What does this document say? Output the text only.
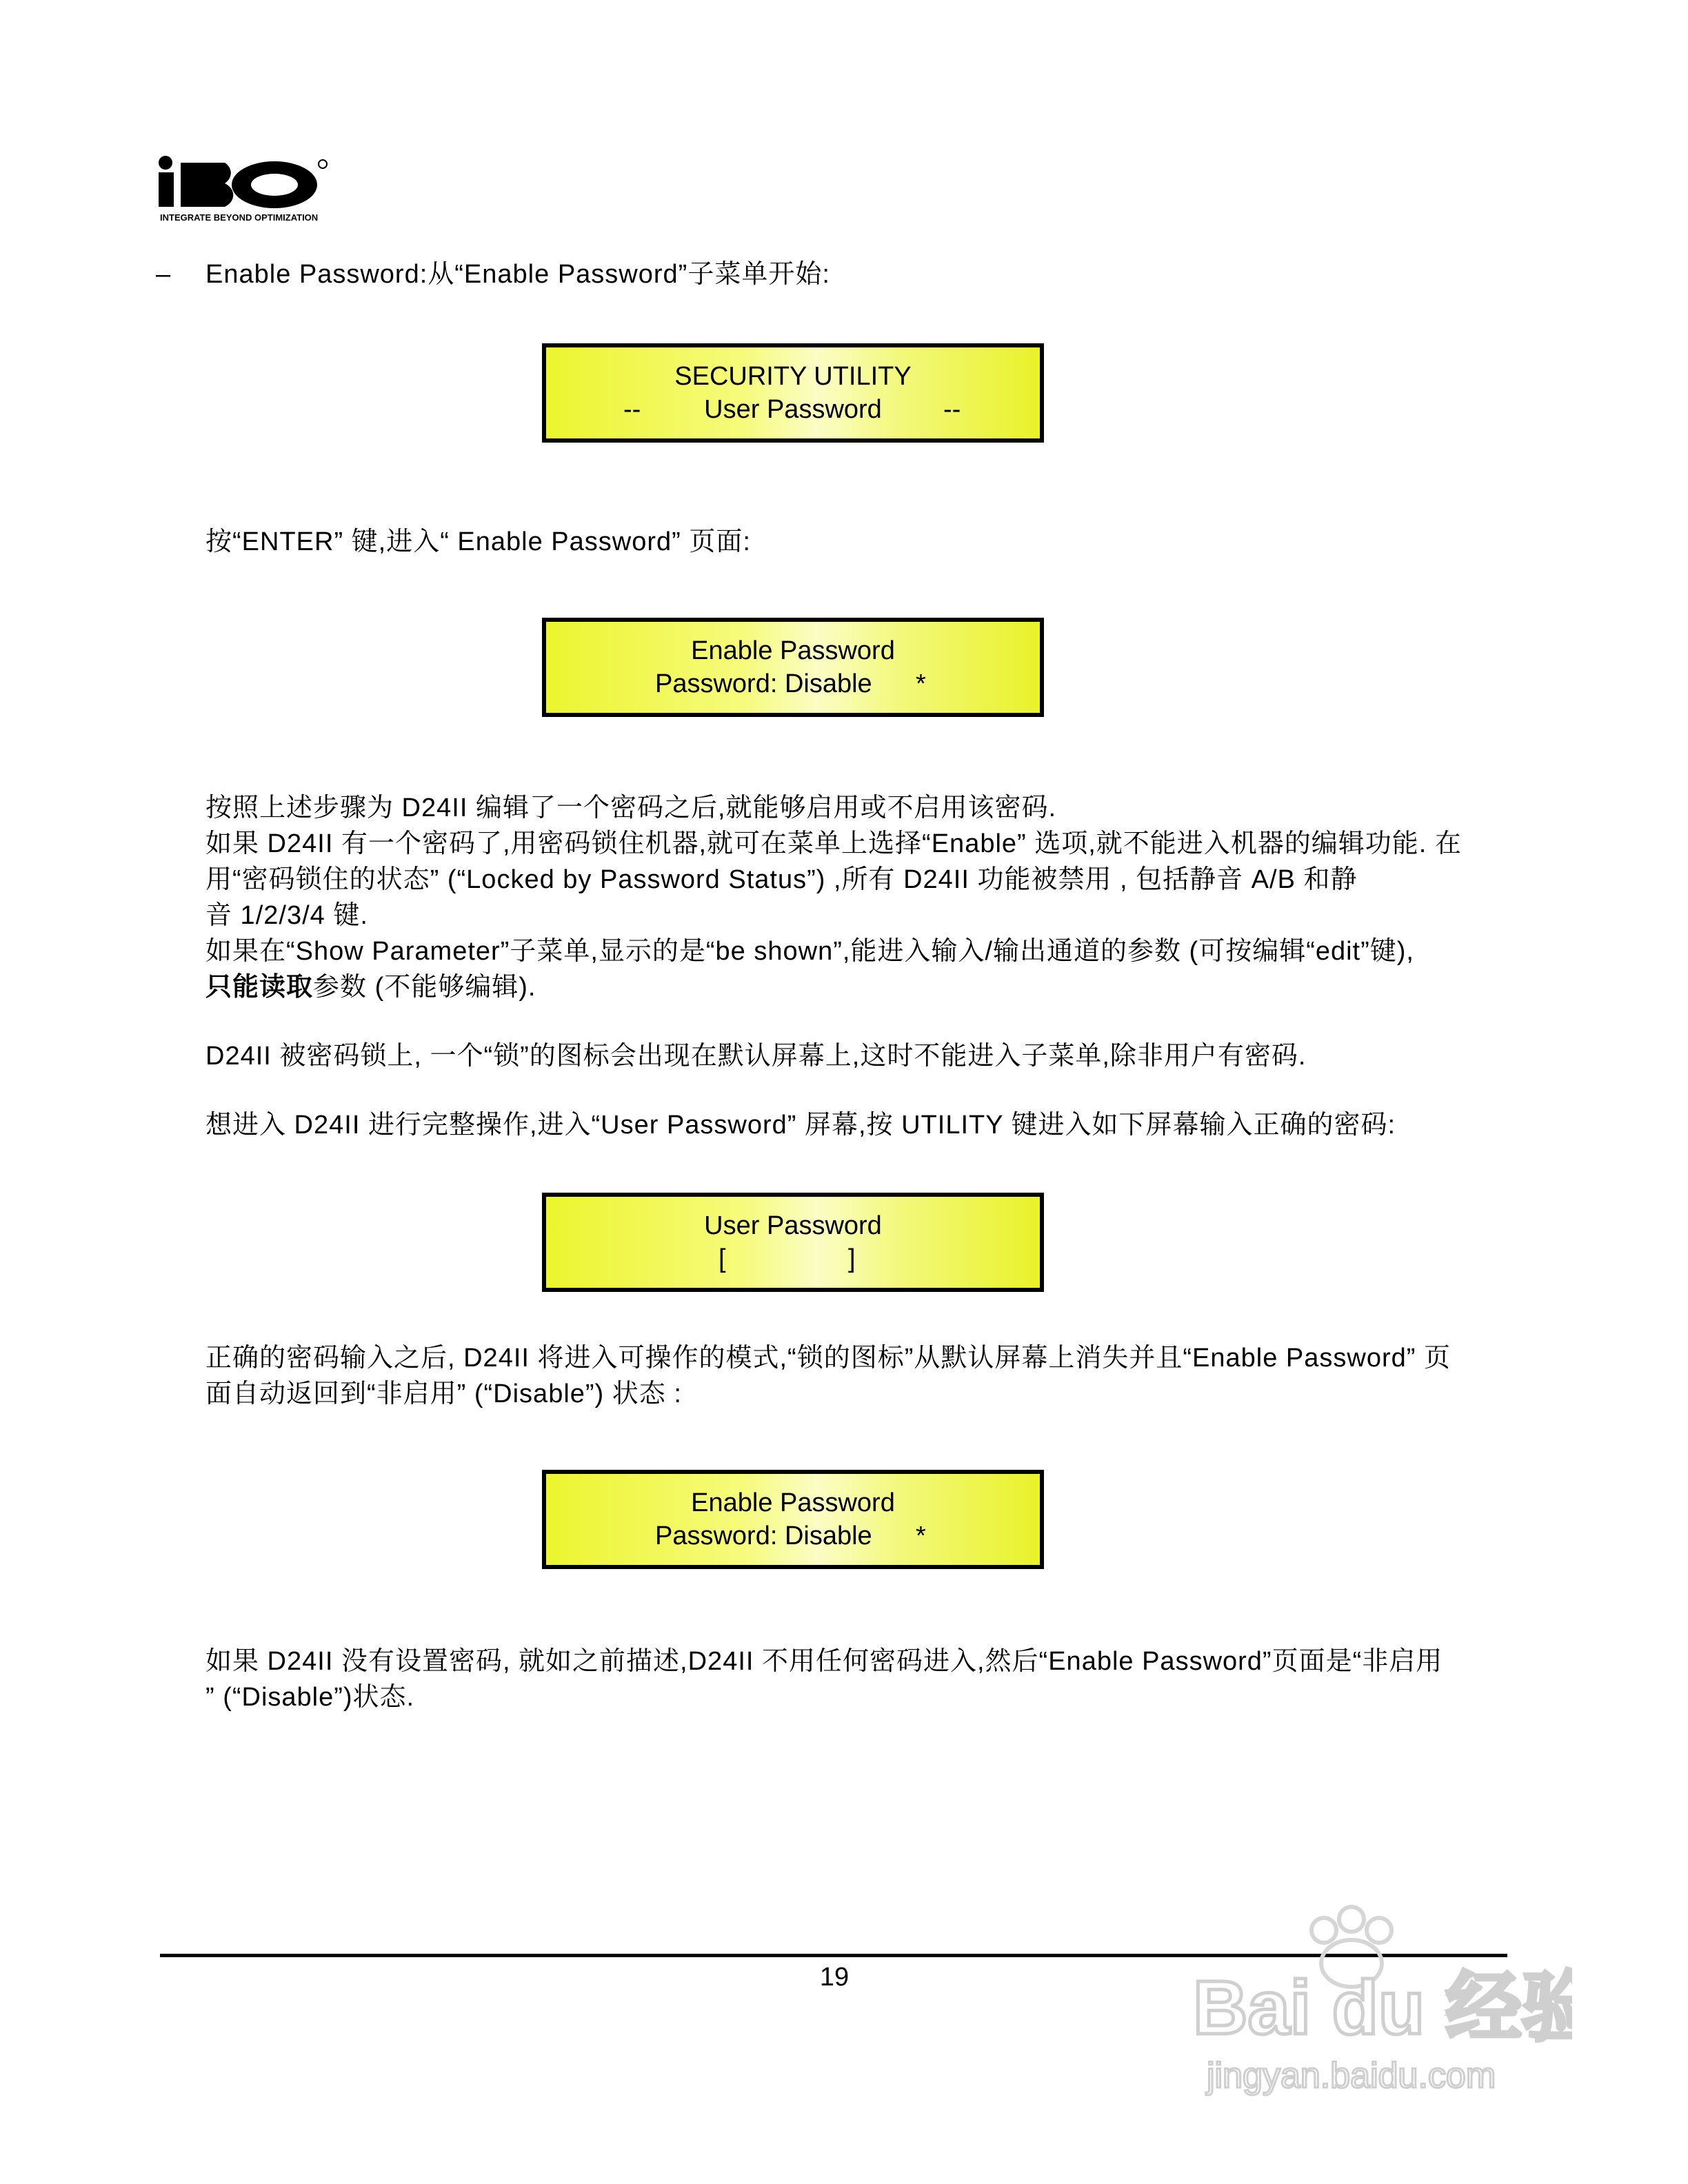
INTEGRATE BEYOND OPTIMIZATION
– Enable Password:从“Enable Password”子菜单开始:
SECURITY UTILITY
--	User Password	--
按“ENTER” 键,进入“ Enable Password” 页面:
Enable Password
Password: Disable	*
按照上述步骤为 D24II 编辑了一个密码之后,就能够启用或不启用该密码.
如果 D24II 有一个密码了,用密码锁住机器,就可在菜单上选择“Enable” 选项,就不能进入机器的编辑功能. 在
用“密码锁住的状态” (“Locked by Password Status”) ,所有 D24II 功能被禁用 , 包括静音 A/B 和静
音 1/2/3/4 键.
如果在“Show Parameter”子菜单,显示的是“be shown”,能进入输入/输出通道的参数 (可按编辑“edit”键),
只能读取参数 (不能够编辑).
D24II 被密码锁上, 一个“锁”的图标会出现在默认屏幕上,这时不能进入子菜单,除非用户有密码.
想进入 D24II 进行完整操作,进入“User Password” 屏幕,按 UTILITY 键进入如下屏幕输入正确的密码:
User Password
[	]
正确的密码输入之后, D24II 将进入可操作的模式,“锁的图标”从默认屏幕上消失并且“Enable Password” 页
面自动返回到“非启用” (“Disable”) 状态 :
Enable Password
Password: Disable	*
如果 D24II 没有设置密码, 就如之前描述,D24II 不用任何密码进入,然后“Enable Password”页面是“非启用
” (“Disable”)状态.
19	Bai du 经验
jingyan.baidu.com
